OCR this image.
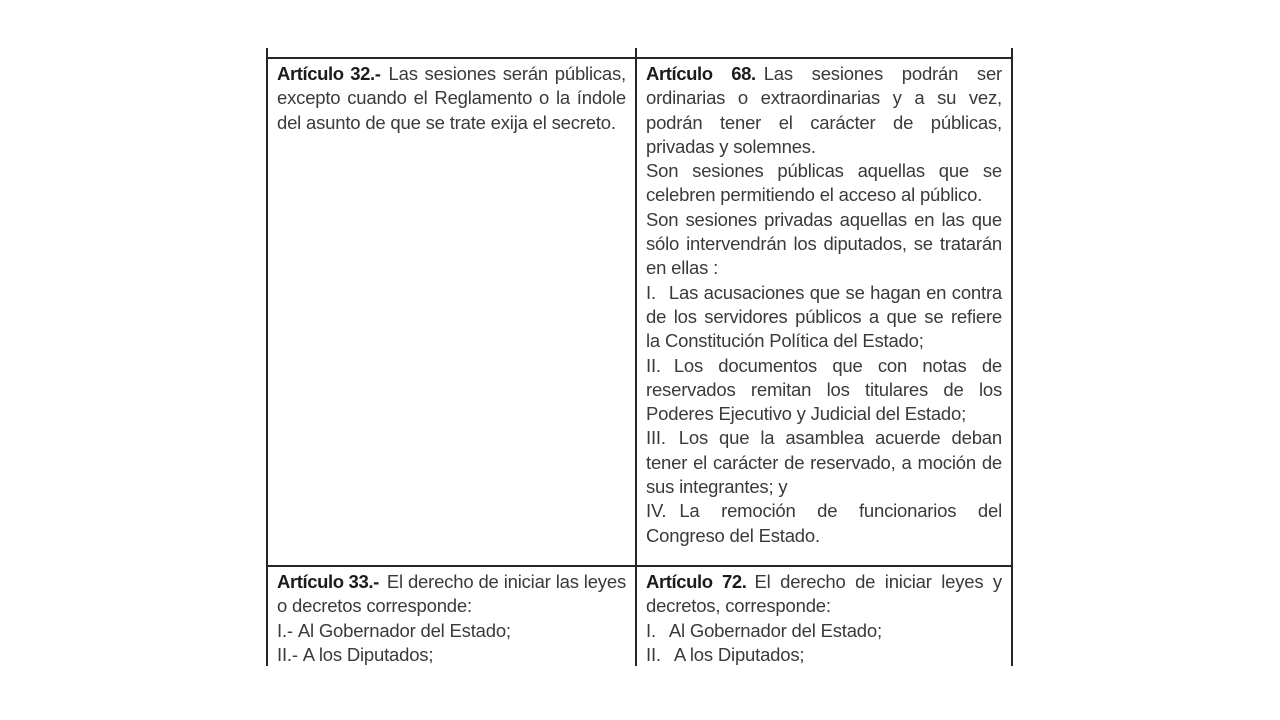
Artículo 32.- Las sesiones serán públicas, excepto cuando el Reglamento o la índole del asunto de que se trate exija el secreto.

Artículo 68. Las sesiones podrán ser ordinarias o extraordinarias y a su vez, podrán tener el carácter de públicas, privadas y solemnes.

Son sesiones públicas aquellas que se celebren permitiendo el acceso al público.

Son sesiones privadas aquellas en las que sólo intervendrán los diputados, se tratarán en ellas :

I. Las acusaciones que se hagan en contra de los servidores públicos a que se refiere la Constitución Política del Estado;

II. Los documentos que con notas de reservados remitan los titulares de los Poderes Ejecutivo y Judicial del Estado;

III. Los que la asamblea acuerde deban tener el carácter de reservado, a moción de sus integrantes; y

IV. La remoción de funcionarios del Congreso del Estado.

Artículo 33.- El derecho de iniciar las leyes o decretos corresponde:

I.- Al Gobernador del Estado;

II.- A los Diputados;

Artículo 72. El derecho de iniciar leyes y decretos, corresponde:

I. Al Gobernador del Estado;

II. A los Diputados;
